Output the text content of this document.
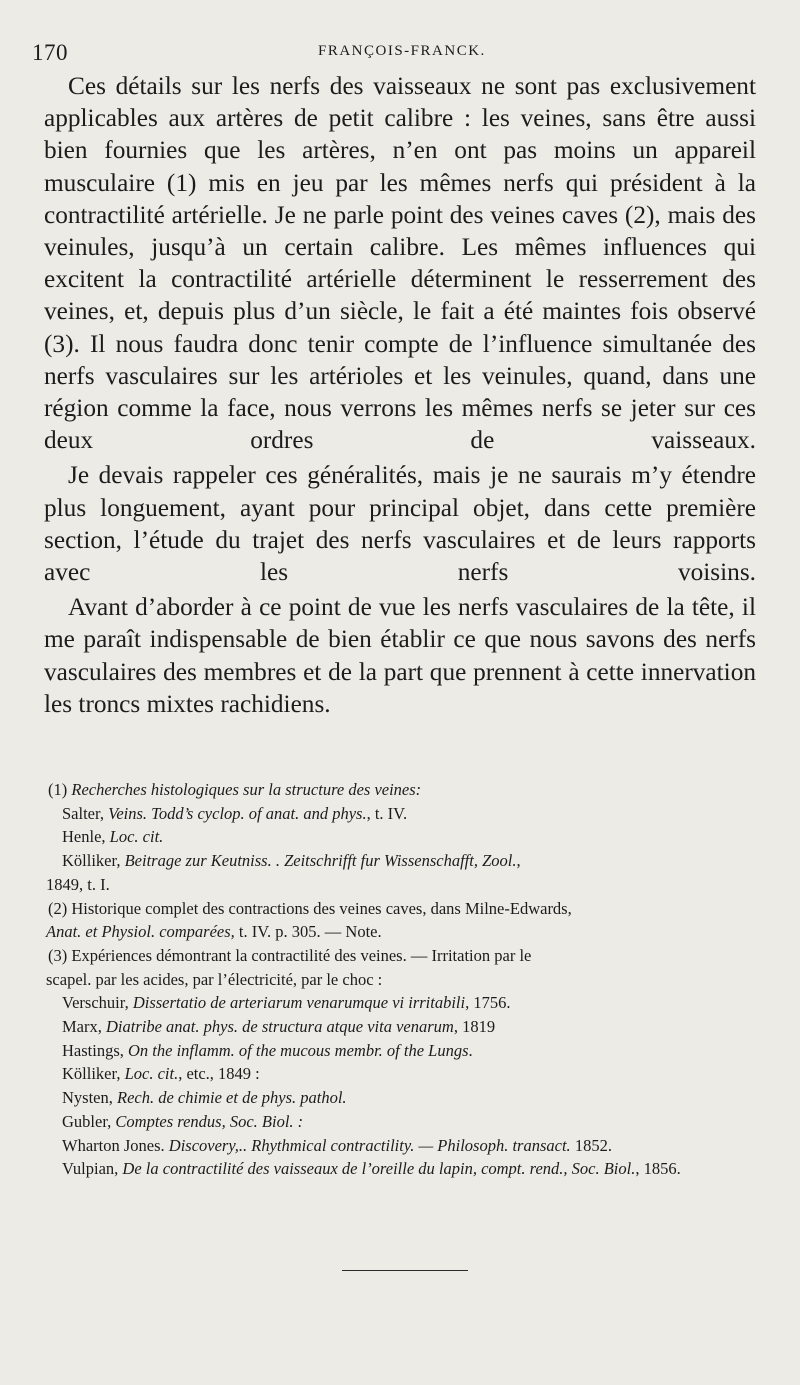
170	FRANÇOIS-FRANCK.

Ces détails sur les nerfs des vaisseaux ne sont pas exclusivement applicables aux artères de petit calibre : les veines, sans être aussi bien fournies que les artères, n’en ont pas moins un appareil musculaire (1) mis en jeu par les mêmes nerfs qui président à la contractilité artérielle. Je ne parle point des veines caves (2), mais des veinules, jusqu’à un certain calibre. Les mêmes influences qui excitent la contractilité artérielle déterminent le resserrement des veines, et, depuis plus d’un siècle, le fait a été maintes fois observé (3). Il nous faudra donc tenir compte de l’influence simultanée des nerfs vasculaires sur les artérioles et les veinules, quand, dans une région comme la face, nous verrons les mêmes nerfs se jeter sur ces deux ordres de vaisseaux.

Je devais rappeler ces généralités, mais je ne saurais m’y étendre plus longuement, ayant pour principal objet, dans cette première section, l’étude du trajet des nerfs vasculaires et de leurs rapports avec les nerfs voisins.

Avant d’aborder à ce point de vue les nerfs vasculaires de la tête, il me paraît indispensable de bien établir ce que nous savons des nerfs vasculaires des membres et de la part que prennent à cette innervation les troncs mixtes rachidiens.

(1) Recherches histologiques sur la structure des veines:

Salter, Veins. Todd’s cyclop. of anat. and phys., t. IV.

Henle, Loc. cit.

Kölliker, Beitrage zur Keutniss. . Zeitschrifft fur Wissenschafft, Zool.,

1849, t. I.

(2) Historique complet des contractions des veines caves, dans Milne-Edwards,

Anat. et Physiol. comparées, t. IV. p. 305. — Note.

(3) Expériences démontrant la contractilité des veines. — Irritation par le

scapel. par les acides, par l’électricité, par le choc :

Verschuir, Dissertatio de arteriarum venarumque vi irritabili, 1756.

Marx, Diatribe anat. phys. de structura atque vita venarum, 1819

Hastings, On the inflamm. of the mucous membr. of the Lungs.

Kölliker, Loc. cit., etc., 1849 :

Nysten, Rech. de chimie et de phys. pathol.

Gubler, Comptes rendus, Soc. Biol. :

Wharton Jones. Discovery,.. Rhythmical contractility. — Philosoph. transact. 1852.

Vulpian, De la contractilité des vaisseaux de l’oreille du lapin, compt. rend., Soc. Biol., 1856.
